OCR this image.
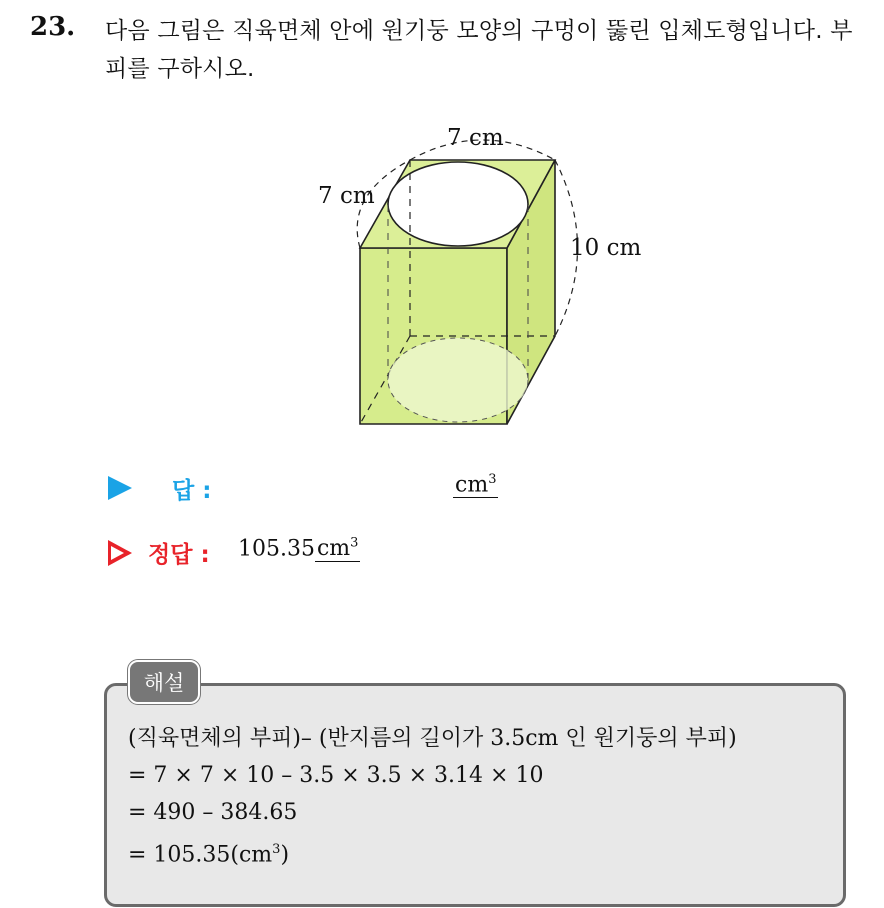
23. 다음 그림은 직육면체 안에 원기둥 모양의 구멍이 뚫린 입체도형입니다. 부피를 구하시오.
7 cm
7 cm
10 cm
답 :	$cm^3$
정답 : $105.35cm^3$
해설
(직육면체의 부피)– (반지름의 길이가 3.5cm 인 원기둥의 부피)
= 7 × 7 × 10 – 3.5 × 3.5 × 3.14 × 10
= 490 – 384.65
= $105.35(cm^3)$
